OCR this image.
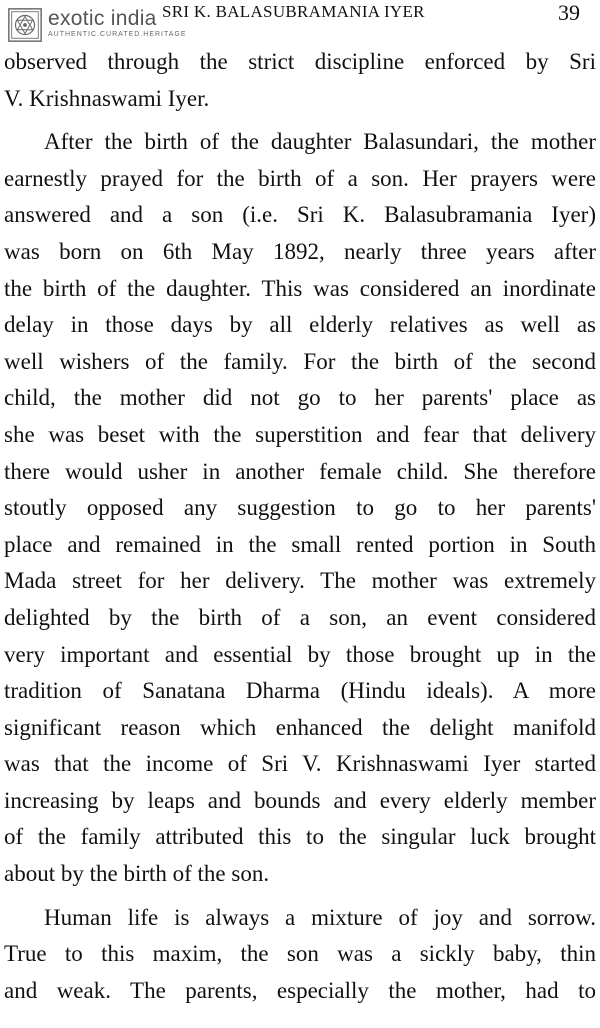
exotic india
AUTHENTIC.CURATED.HERITAGE
SRI K. BALASUBRAMANIA IYER	39

observed through the strict discipline enforced by Sri
V. Krishnaswami Iyer.

After the birth of the daughter Balasundari, the mother
earnestly prayed for the birth of a son. Her prayers were
answered and a son (i.e. Sri K. Balasubramania Iyer)
was born on 6th May 1892, nearly three years after
the birth of the daughter. This was considered an inordinate
delay in those days by all elderly relatives as well as
well wishers of the family. For the birth of the second
child, the mother did not go to her parents' place as
she was beset with the superstition and fear that delivery
there would usher in another female child. She therefore
stoutly opposed any suggestion to go to her parents'
place and remained in the small rented portion in South
Mada street for her delivery. The mother was extremely
delighted by the birth of a son, an event considered
very important and essential by those brought up in the
tradition of Sanatana Dharma (Hindu ideals). A more
significant reason which enhanced the delight manifold
was that the income of Sri V. Krishnaswami Iyer started
increasing by leaps and bounds and every elderly member
of the family attributed this to the singular luck brought
about by the birth of the son.

Human life is always a mixture of joy and sorrow.
True to this maxim, the son was a sickly baby, thin
and weak. The parents, especially the mother, had to
